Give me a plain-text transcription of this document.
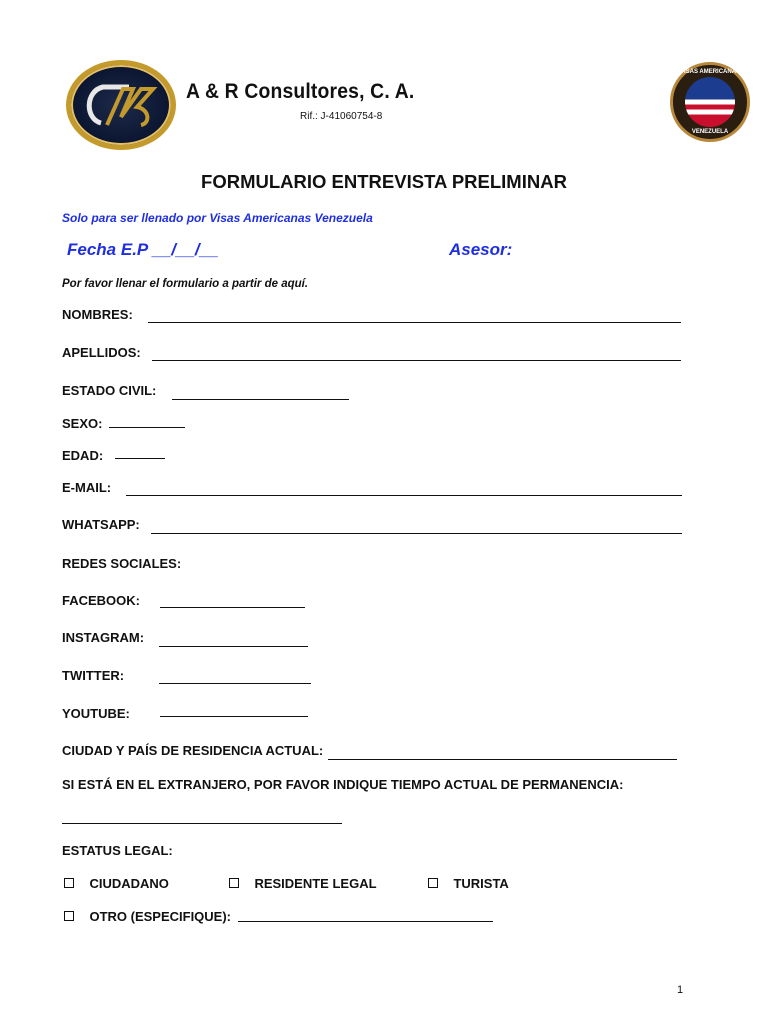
A & R Consultores, C. A.
Rif.: J-41060754-8
VISAS AMERICANAS
VENEZUELA
FORMULARIO ENTREVISTA PRELIMINAR
Solo para ser llenado por Visas Americanas Venezuela
Fecha E.P __/__/__	Asesor:
Por favor llenar el formulario a partir de aquí.
NOMBRES:
APELLIDOS:
ESTADO CIVIL:
SEXO:
EDAD:
E-MAIL:
WHATSAPP:
REDES SOCIALES:
FACEBOOK:
INSTAGRAM:
TWITTER:
YOUTUBE:
CIUDAD Y PAÍS DE RESIDENCIA ACTUAL:
SI ESTÁ EN EL EXTRANJERO, POR FAVOR INDIQUE TIEMPO ACTUAL DE PERMANENCIA:
ESTATUS LEGAL:
CIUDADANO	RESIDENTE LEGAL	TURISTA
OTRO (ESPECIFIQUE):
1
